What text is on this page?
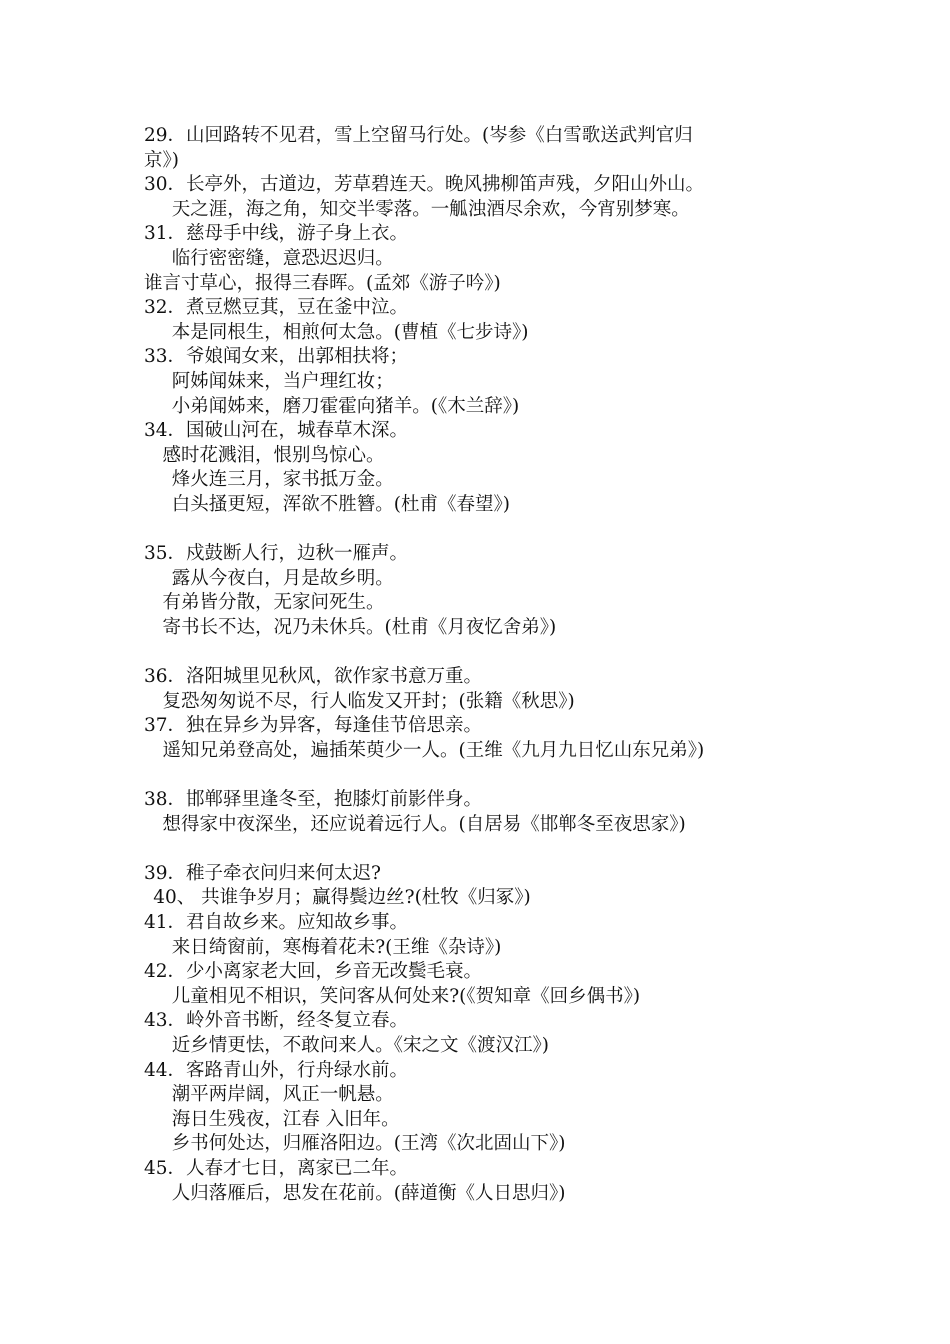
29．山回路转不见君，雪上空留马行处。(岑参《白雪歌送武判官归
京》)
30．长亭外，古道边，芳草碧连天。晚风拂柳笛声残，夕阳山外山。
天之涯，海之角，知交半零落。一觚浊酒尽余欢，今宵别梦寒。
31．慈母手中线，游子身上衣。
临行密密缝，意恐迟迟归。
谁言寸草心，报得三春晖。(孟郊《游子吟》)
32．煮豆燃豆萁，豆在釜中泣。
本是同根生，相煎何太急。(曹植《七步诗》)
33．爷娘闻女来，出郭相扶将；
阿姊闻妹来，当户理红妆；
小弟闻姊来，磨刀霍霍向猪羊。(《木兰辞》)
34．国破山河在，城春草木深。
感时花溅泪，恨别鸟惊心。
烽火连三月，家书抵万金。
白头搔更短，浑欲不胜簪。(杜甫《春望》)
35．戍鼓断人行，边秋一雁声。
露从今夜白，月是故乡明。
有弟皆分散，无家问死生。
寄书长不达，况乃未休兵。(杜甫《月夜忆舍弟》)
36．洛阳城里见秋风，欲作家书意万重。
复恐匆匆说不尽，行人临发又开封；(张籍《秋思》)
37．独在异乡为异客，每逢佳节倍思亲。
遥知兄弟登高处，遍插茱萸少一人。(王维《九月九日忆山东兄弟》)
38．邯郸驿里逢冬至，抱膝灯前影伴身。
想得家中夜深坐，还应说着远行人。(自居易《邯郸冬至夜思家》)
39．稚子牵衣问归来何太迟?
40、 共谁争岁月；赢得鬓边丝?(杜牧《归冢》)
41．君自故乡来。应知故乡事。
来日绮窗前，寒梅着花未?(王维《杂诗》)
42．少小离家老大回，乡音无改鬓毛衰。
儿童相见不相识，笑问客从何处来?(《贺知章《回乡偶书》)
43．岭外音书断，经冬复立春。
近乡情更怯，不敢问来人。《宋之文《渡汉江》)
44．客路青山外，行舟绿水前。
潮平两岸阔，风正一帆悬。
海日生残夜，江春 入旧年。
乡书何处达，归雁洛阳边。(王湾《次北固山下》)
45．人春才七日，离家已二年。
人归落雁后，思发在花前。(薛道衡《人日思归》)
